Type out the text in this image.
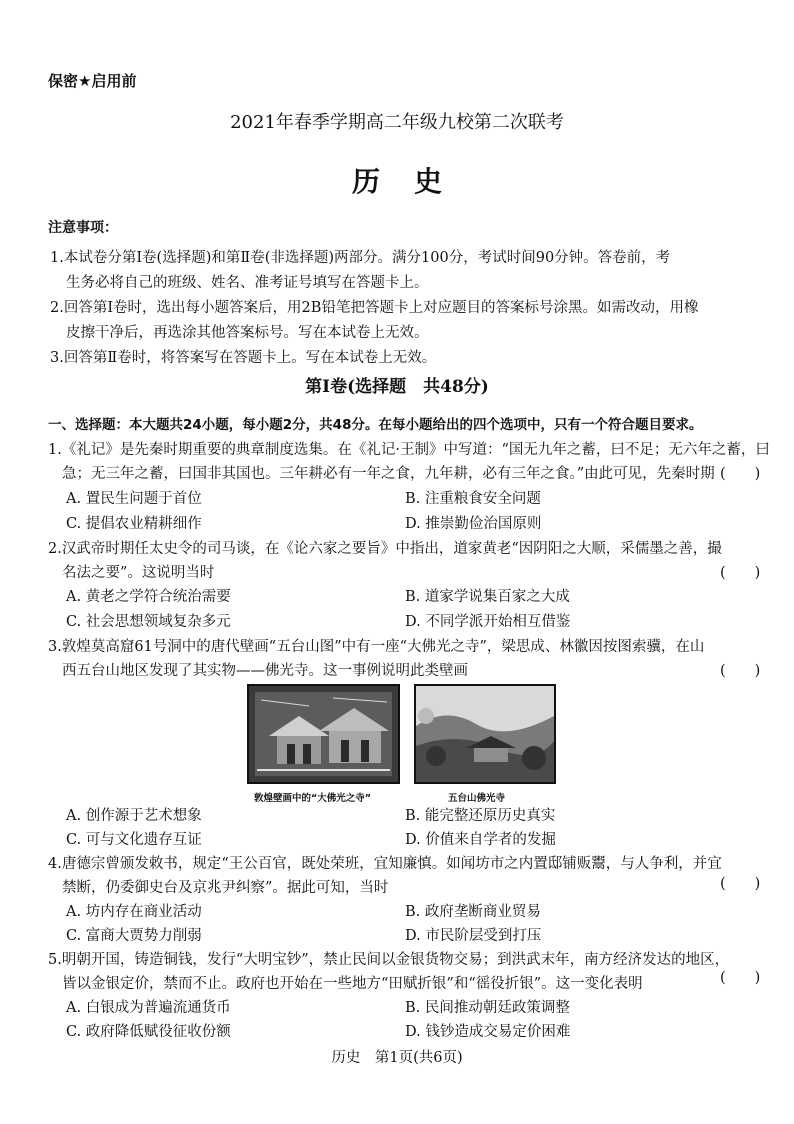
保密★启用前
2021年春季学期高二年级九校第二次联考
历史
注意事项：
1.本试卷分第Ⅰ卷(选择题)和第Ⅱ卷(非选择题)两部分。满分100分，考试时间90分钟。答卷前，考
生务必将自己的班级、姓名、准考证号填写在答题卡上。
2.回答第Ⅰ卷时，选出每小题答案后，用2B铅笔把答题卡上对应题目的答案标号涂黑。如需改动，用橡
皮擦干净后，再选涂其他答案标号。写在本试卷上无效。
3.回答第Ⅱ卷时，将答案写在答题卡上。写在本试卷上无效。
第Ⅰ卷(选择题　共48分)
一、选择题：本大题共24小题，每小题2分，共48分。在每小题给出的四个选项中，只有一个符合题目要求。
1.《礼记》是先秦时期重要的典章制度选集。在《礼记·王制》中写道：“国无九年之蓄，曰不足；无六年之蓄，曰
急；无三年之蓄，曰国非其国也。三年耕必有一年之食，九年耕，必有三年之食。”由此可见，先秦时期 (　　)
A. 置民生问题于首位	B. 注重粮食安全问题
C. 提倡农业精耕细作	D. 推崇勤俭治国原则
2.汉武帝时期任太史令的司马谈，在《论六家之要旨》中指出，道家黄老“因阴阳之大顺，采儒墨之善，撮
名法之要”。这说明当时	(　　)
A. 黄老之学符合统治需要	B. 道家学说集百家之大成
C. 社会思想领域复杂多元	D. 不同学派开始相互借鉴
3.敦煌莫高窟61号洞中的唐代壁画“五台山图”中有一座“大佛光之寺”，梁思成、林徽因按图索骥，在山
西五台山地区发现了其实物——佛光寺。这一事例说明此类壁画	(　　)
敦煌壁画中的“大佛光之寺”	五台山佛光寺
A. 创作源于艺术想象	B. 能完整还原历史真实
C. 可与文化遗存互证	D. 价值来自学者的发掘
4.唐德宗曾颁发敕书，规定“王公百官，既处荣班，宜知廉慎。如闻坊市之内置邸铺贩鬻，与人争利，并宜
禁断，仍委御史台及京兆尹纠察”。据此可知，当时	(　　)
A. 坊内存在商业活动	B. 政府垄断商业贸易
C. 富商大贾势力削弱	D. 市民阶层受到打压
5.明朝开国，铸造铜钱，发行“大明宝钞”，禁止民间以金银货物交易；到洪武末年，南方经济发达的地区，
皆以金银定价，禁而不止。政府也开始在一些地方“田赋折银”和“徭役折银”。这一变化表明	(　　)
A. 白银成为普遍流通货币	B. 民间推动朝廷政策调整
C. 政府降低赋役征收份额	D. 钱钞造成交易定价困难
历史　第1页(共6页)
